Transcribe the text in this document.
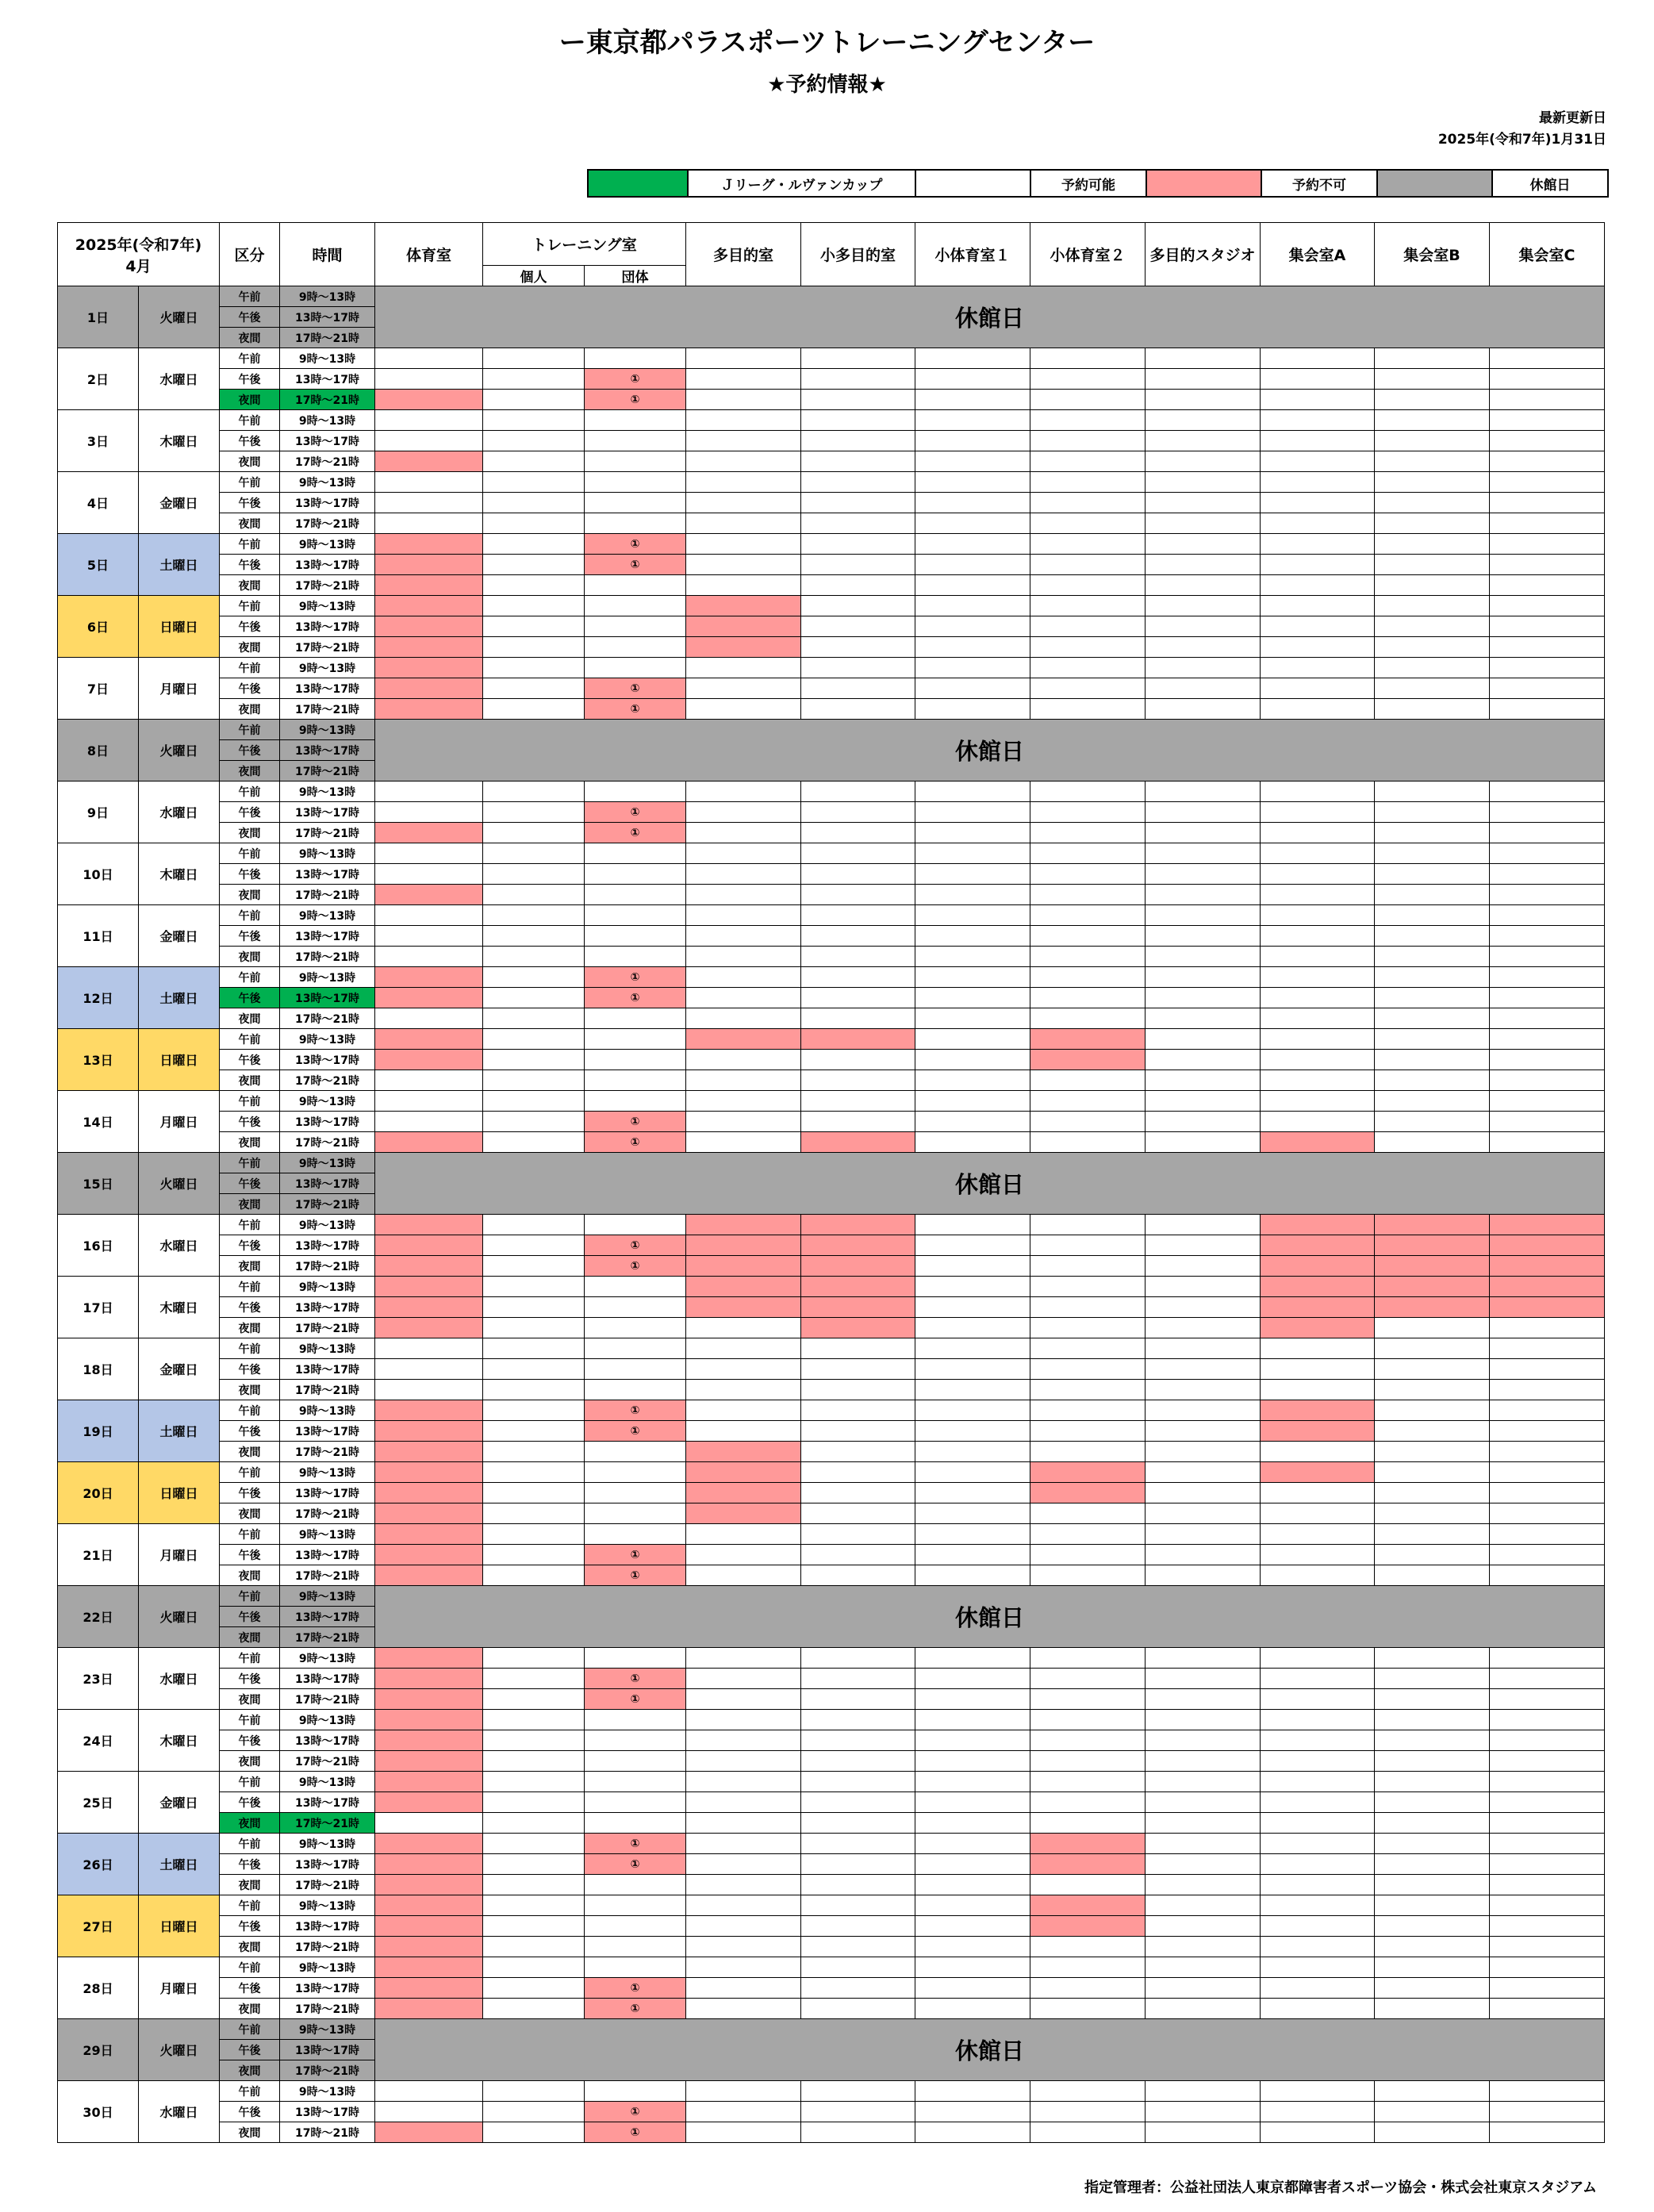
ー東京都パラスポーツトレーニングセンター
★予約情報★
最新更新日
2025年(令和7年)1月31日
	Ｊリーグ・ルヴァンカップ		予約可能		予約不可		休館日
2025年(令和7年)
4月		区分	時間	体育室	トレーニング室		多目的室	小多目的室	小体育室１	小体育室２	多目的スタジオ	集会室A	集会室B	集会室C
					個人	団体								
1日	火曜日	午前	9時～13時	休館日										
		午後	13時～17時											
		夜間	17時～21時											
2日	水曜日	午前	9時～13時											
		午後	13時～17時			①								
		夜間	17時～21時			①								
3日	木曜日	午前	9時～13時											
		午後	13時～17時											
		夜間	17時～21時											
4日	金曜日	午前	9時～13時											
		午後	13時～17時											
		夜間	17時～21時											
5日	土曜日	午前	9時～13時			①								
		午後	13時～17時			①								
		夜間	17時～21時											
6日	日曜日	午前	9時～13時											
		午後	13時～17時											
		夜間	17時～21時											
7日	月曜日	午前	9時～13時											
		午後	13時～17時			①								
		夜間	17時～21時			①								
8日	火曜日	午前	9時～13時	休館日										
		午後	13時～17時											
		夜間	17時～21時											
9日	水曜日	午前	9時～13時											
		午後	13時～17時			①								
		夜間	17時～21時			①								
10日	木曜日	午前	9時～13時											
		午後	13時～17時											
		夜間	17時～21時											
11日	金曜日	午前	9時～13時											
		午後	13時～17時											
		夜間	17時～21時											
12日	土曜日	午前	9時～13時			①								
		午後	13時～17時			①								
		夜間	17時～21時											
13日	日曜日	午前	9時～13時											
		午後	13時～17時											
		夜間	17時～21時											
14日	月曜日	午前	9時～13時											
		午後	13時～17時			①								
		夜間	17時～21時			①								
15日	火曜日	午前	9時～13時	休館日										
		午後	13時～17時											
		夜間	17時～21時											
16日	水曜日	午前	9時～13時											
		午後	13時～17時			①								
		夜間	17時～21時			①								
17日	木曜日	午前	9時～13時											
		午後	13時～17時											
		夜間	17時～21時											
18日	金曜日	午前	9時～13時											
		午後	13時～17時											
		夜間	17時～21時											
19日	土曜日	午前	9時～13時			①								
		午後	13時～17時			①								
		夜間	17時～21時											
20日	日曜日	午前	9時～13時											
		午後	13時～17時											
		夜間	17時～21時											
21日	月曜日	午前	9時～13時											
		午後	13時～17時			①								
		夜間	17時～21時			①								
22日	火曜日	午前	9時～13時	休館日										
		午後	13時～17時											
		夜間	17時～21時											
23日	水曜日	午前	9時～13時											
		午後	13時～17時			①								
		夜間	17時～21時			①								
24日	木曜日	午前	9時～13時											
		午後	13時～17時											
		夜間	17時～21時											
25日	金曜日	午前	9時～13時											
		午後	13時～17時											
		夜間	17時～21時											
26日	土曜日	午前	9時～13時			①								
		午後	13時～17時			①								
		夜間	17時～21時											
27日	日曜日	午前	9時～13時											
		午後	13時～17時											
		夜間	17時～21時											
28日	月曜日	午前	9時～13時											
		午後	13時～17時			①								
		夜間	17時～21時			①								
29日	火曜日	午前	9時～13時	休館日										
		午後	13時～17時											
		夜間	17時～21時											
30日	水曜日	午前	9時～13時											
		午後	13時～17時			①								
		夜間	17時～21時			①								
指定管理者：公益社団法人東京都障害者スポーツ協会・株式会社東京スタジアム
